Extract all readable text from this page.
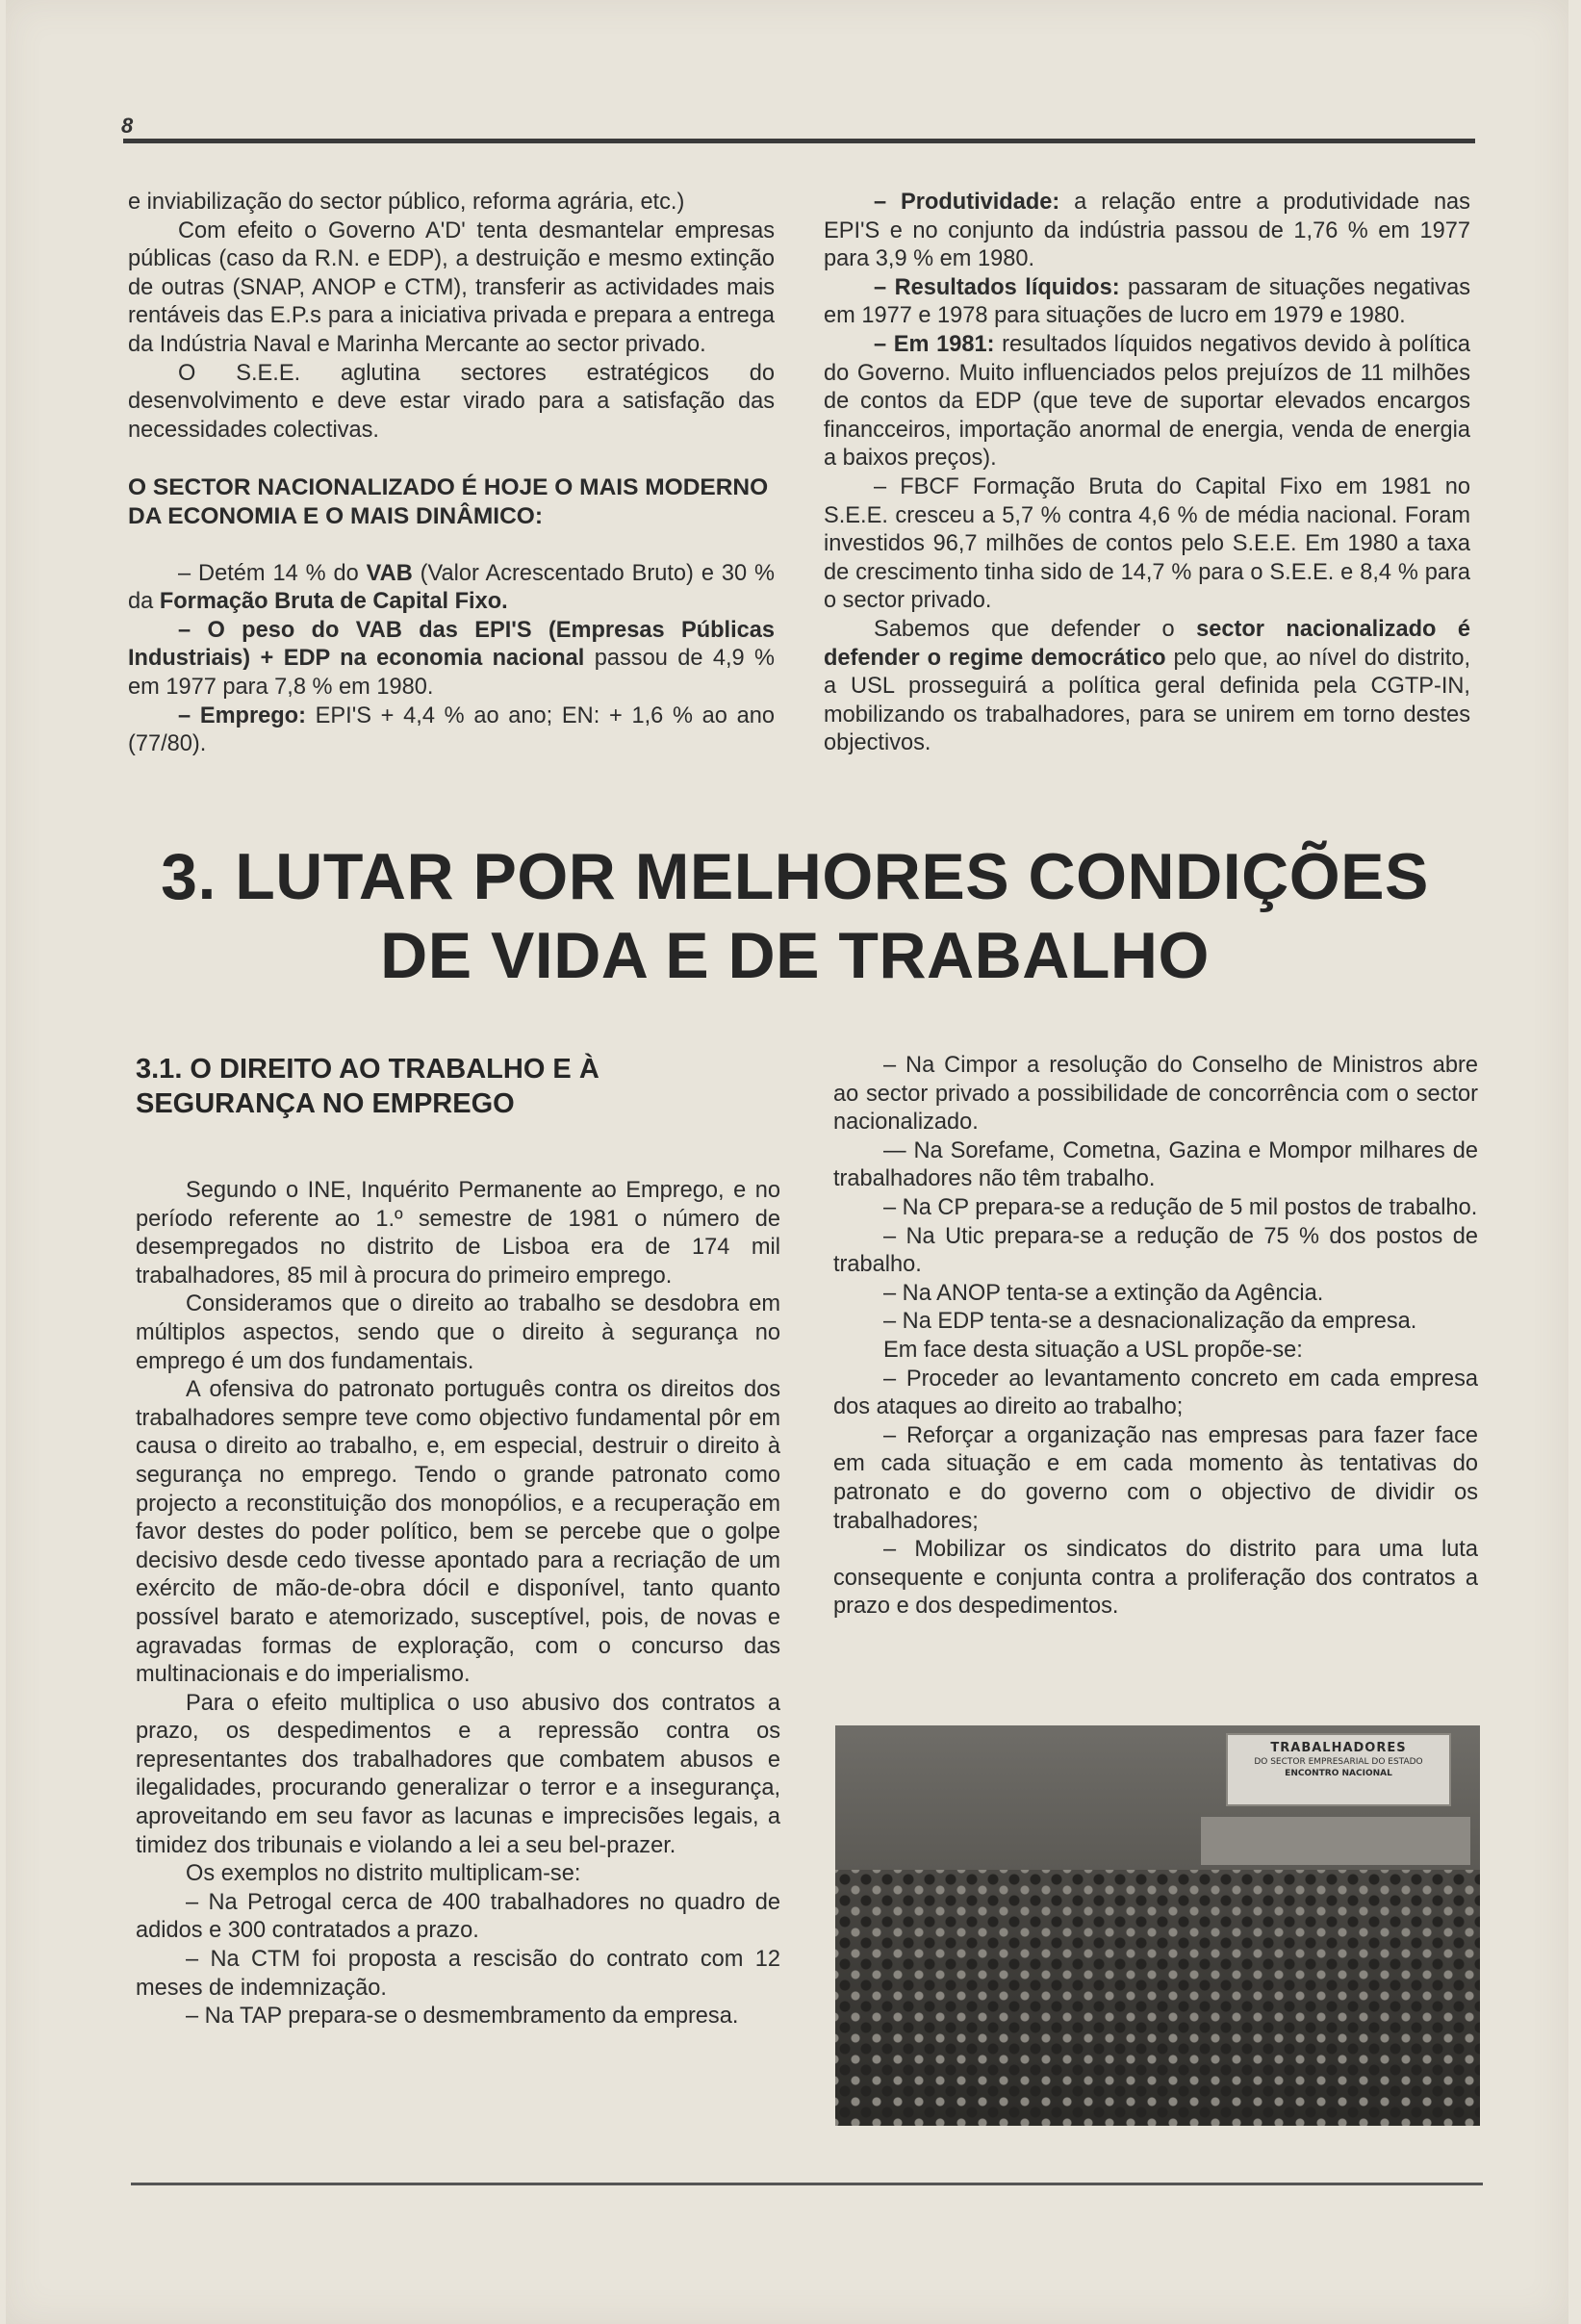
8

e inviabilização do sector público, reforma agrária, etc.)

Com efeito o Governo A'D' tenta desmantelar empresas públicas (caso da R.N. e EDP), a destruição e mesmo extinção de outras (SNAP, ANOP e CTM), transferir as actividades mais rentáveis das E.P.s para a iniciativa privada e prepara a entrega da Indústria Naval e Marinha Mercante ao sector privado.

O S.E.E. aglutina sectores estratégicos do desenvolvimento e deve estar virado para a satisfação das necessidades colectivas.

O SECTOR NACIONALIZADO É HOJE O MAIS MODERNO DA ECONOMIA E O MAIS DINÂMICO:

– Detém 14 % do VAB (Valor Acrescentado Bruto) e 30 % da Formação Bruta de Capital Fixo.

– O peso do VAB das EPI'S (Empresas Públicas Industriais) + EDP na economia nacional passou de 4,9 % em 1977 para 7,8 % em 1980.

– Emprego: EPI'S + 4,4 % ao ano; EN: + 1,6 % ao ano (77/80).

– Produtividade: a relação entre a produtividade nas EPI'S e no conjunto da indústria passou de 1,76 % em 1977 para 3,9 % em 1980.

– Resultados líquidos: passaram de situações negativas em 1977 e 1978 para situações de lucro em 1979 e 1980.

– Em 1981: resultados líquidos negativos devido à política do Governo. Muito influenciados pelos prejuízos de 11 milhões de contos da EDP (que teve de suportar elevados encargos financceiros, importação anormal de energia, venda de energia a baixos preços).

– FBCF Formação Bruta do Capital Fixo em 1981 no S.E.E. cresceu a 5,7 % contra 4,6 % de média nacional. Foram investidos 96,7 milhões de contos pelo S.E.E. Em 1980 a taxa de crescimento tinha sido de 14,7 % para o S.E.E. e 8,4 % para o sector privado.

Sabemos que defender o sector nacionalizado é defender o regime democrático pelo que, ao nível do distrito, a USL prosseguirá a política geral definida pela CGTP-IN, mobilizando os trabalhadores, para se unirem em torno destes objectivos.

3. LUTAR POR MELHORES CONDIÇÕES
DE VIDA E DE TRABALHO

3.1. O DIREITO AO TRABALHO E À SEGURANÇA NO EMPREGO

Segundo o INE, Inquérito Permanente ao Emprego, e no período referente ao 1.º semestre de 1981 o número de desempregados no distrito de Lisboa era de 174 mil trabalhadores, 85 mil à procura do primeiro emprego.

Consideramos que o direito ao trabalho se desdobra em múltiplos aspectos, sendo que o direito à segurança no emprego é um dos fundamentais.

A ofensiva do patronato português contra os direitos dos trabalhadores sempre teve como objectivo fundamental pôr em causa o direito ao trabalho, e, em especial, destruir o direito à segurança no emprego. Tendo o grande patronato como projecto a reconstituição dos monopólios, e a recuperação em favor destes do poder político, bem se percebe que o golpe decisivo desde cedo tivesse apontado para a recriação de um exército de mão-de-obra dócil e disponível, tanto quanto possível barato e atemorizado, susceptível, pois, de novas e agravadas formas de exploração, com o concurso das multinacionais e do imperialismo.

Para o efeito multiplica o uso abusivo dos contratos a prazo, os despedimentos e a repressão contra os representantes dos trabalhadores que combatem abusos e ilegalidades, procurando generalizar o terror e a insegurança, aproveitando em seu favor as lacunas e imprecisões legais, a timidez dos tribunais e violando a lei a seu bel-prazer.

Os exemplos no distrito multiplicam-se:

– Na Petrogal cerca de 400 trabalhadores no quadro de adidos e 300 contratados a prazo.

– Na CTM foi proposta a rescisão do contrato com 12 meses de indemnização.

– Na TAP prepara-se o desmembramento da empresa.

– Na Cimpor a resolução do Conselho de Ministros abre ao sector privado a possibilidade de concorrência com o sector nacionalizado.

— Na Sorefame, Cometna, Gazina e Mompor milhares de trabalhadores não têm trabalho.

– Na CP prepara-se a redução de 5 mil postos de trabalho.

– Na Utic prepara-se a redução de 75 % dos postos de trabalho.

– Na ANOP tenta-se a extinção da Agência.

– Na EDP tenta-se a desnacionalização da empresa.

Em face desta situação a USL propõe-se:

– Proceder ao levantamento concreto em cada empresa dos ataques ao direito ao trabalho;

– Reforçar a organização nas empresas para fazer face em cada situação e em cada momento às tentativas do patronato e do governo com o objectivo de dividir os trabalhadores;

– Mobilizar os sindicatos do distrito para uma luta consequente e conjunta contra a proliferação dos contratos a prazo e dos despedimentos.

TRABALHADORES
DO SECTOR EMPRESARIAL DO ESTADO
ENCONTRO NACIONAL
